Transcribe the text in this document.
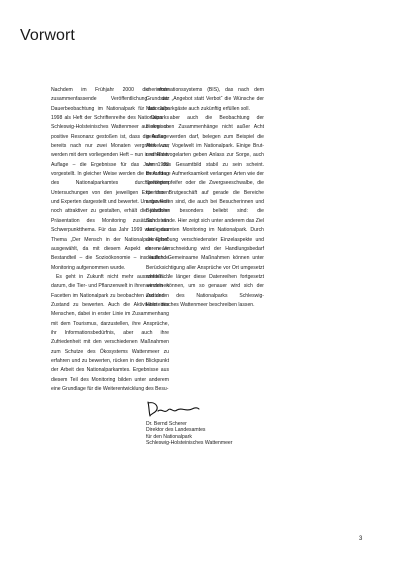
Vorwort

Nachdem im Frühjahr 2000 die erste zusammenfassende Veröffentlichung der Dauerbeobachtung im Nationalpark für das Jahr 1998 als Heft der Schriftenreihe des Nationalparks Schleswig-Holsteinisches Wattenmeer auf eine so positive Resonanz gestoßen ist, dass die Auflage bereits nach nur zwei Monaten vergriffen war, werden mit dem vorliegenden Heft – nun in erhöhter Auflage – die Ergebnisse für das Jahr 1999 vorgestellt. In gleicher Weise werden die im Auftrag des Nationalparkamtes durchgeführten Untersuchungen von den jeweiligen Expertinnen und Experten dargestellt und bewertet. Um das Heft noch attraktiver zu gestalten, erhält die jährliche Präsentation des Monitoring zusätzlich ein Schwerpunktthema. Für das Jahr 1999 wurde das Thema „Der Mensch in der Nationalparkregion“ ausgewählt, da mit diesem Aspekt ein neuer Bestandteil – die Sozioökonomie – ins laufende Monitoring aufgenommen wurde.

Es geht in Zukunft nicht mehr ausschließlich darum, die Tier- und Pflanzenwelt in ihren einzelnen Facetten im Nationalpark zu beobachten und deren Zustand zu bewerten. Auch die Aktivitäten des Menschen, dabei in erster Linie im Zusammenhang mit dem Tourismus, darzustellen, ihre Ansprüche, ihr Informationsbedürfnis, aber auch ihre Zufriedenheit mit den verschiedenen Maßnahmen zum Schutze des Ökosystems Wattenmeer zu erfahren und zu bewerten, rücken in den Blickpunkt der Arbeit des Nationalparkamtes. Ergebnisse aus diesem Teil des Monitoring bilden unter anderem eine Grundlage für die Weiterentwicklung des Besu-

cherinformationssystems (BIS), das nach dem Grundsatz „Angebot statt Verbot“ die Wünsche der Nationalparkgäste auch zukünftig erfüllen soll.

Dass aber auch die Beobachtung der biologischen Zusammenhänge nicht außer Acht gelassen werden darf, belegen zum Beispiel die Artikel zur Vogelwelt im Nationalpark. Einige Brut- und Rastvogelarten geben Anlass zur Sorge, auch wenn das Gesamtbild stabil zu sein scheint. Besondere Aufmerksamkeit verlangen Arten wie der Seeregenpfeifer oder die Zwergseeschwalbe, die für das Brutgeschäft auf gerade die Bereiche angewiesen sind, die auch bei Besucherinnen und Besuchern besonders beliebt sind: die Sandstrände. Hier zeigt sich unter anderem das Ziel des gesamten Monitoring im Nationalpark. Durch die Erhebung verschiedenster Einzelaspekte und deren Verschneidung wird der Handlungsbedarf deutlich. Gemeinsame Maßnahmen können unter Berücksichtigung aller Ansprüche vor Ort umgesetzt werden. Je länger diese Datenreihen fortgesetzt werden können, um so genauer wird sich der Zustand des Nationalparks Schleswig-Holsteinisches Wattenmeer beschreiben lassen.

Dr. Bernd Scherer
Direktor des Landesamtes
für den Nationalpark
Schleswig-Holsteinisches Wattenmeer
3
